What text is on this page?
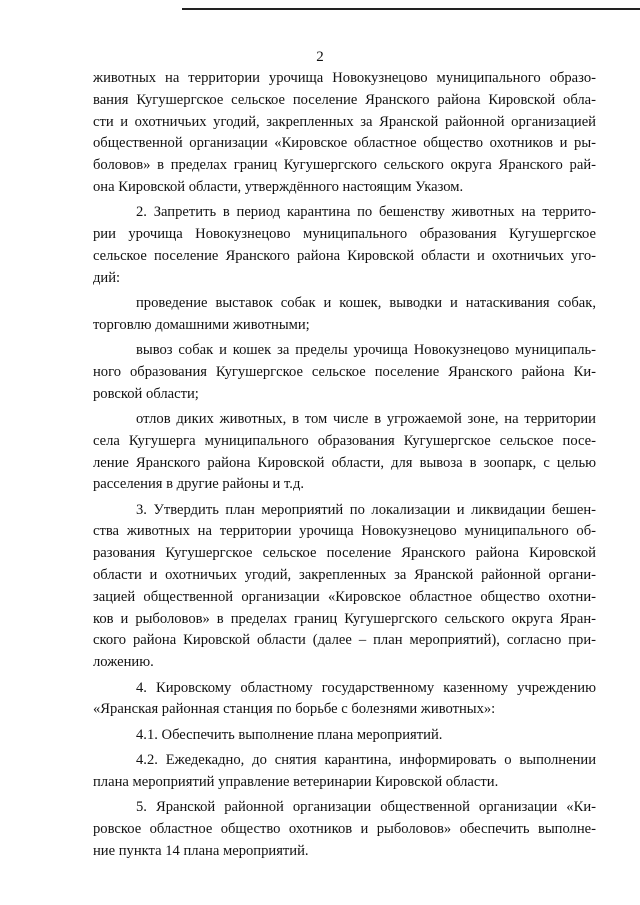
2
животных на территории урочища Новокузнецово муниципального образо-
вания Кугушергское сельское поселение Яранского района Кировской обла-
сти и охотничьих угодий, закрепленных за Яранской районной организацией
общественной организации «Кировское областное общество охотников и ры-
боловов» в пределах границ Кугушергского сельского округа Яранского рай-
она Кировской области, утверждённого настоящим Указом.
2. Запретить в период карантина по бешенству животных на террито-
рии урочища Новокузнецово муниципального образования Кугушергское
сельское поселение Яранского района Кировской области и охотничьих уго-
дий:
проведение выставок собак и кошек, выводки и натаскивания собак,
торговлю домашними животными;
вывоз собак и кошек за пределы урочища Новокузнецово муниципаль-
ного образования Кугушергское сельское поселение Яранского района Ки-
ровской области;
отлов диких животных, в том числе в угрожаемой зоне, на территории
села Кугушерга муниципального образования Кугушергское сельское посе-
ление Яранского района Кировской области, для вывоза в зоопарк, с целью
расселения в другие районы и т.д.
3. Утвердить план мероприятий по локализации и ликвидации бешен-
ства животных на территории урочища Новокузнецово муниципального об-
разования Кугушергское сельское поселение Яранского района Кировской
области и охотничьих угодий, закрепленных за Яранской районной органи-
зацией общественной организации «Кировское областное общество охотни-
ков и рыболовов» в пределах границ Кугушергского сельского округа Яран-
ского района Кировской области (далее – план мероприятий), согласно при-
ложению.
4. Кировскому областному государственному казенному учреждению
«Яранская районная станция по борьбе с болезнями животных»:
4.1. Обеспечить выполнение плана мероприятий.
4.2. Ежедекадно, до снятия карантина, информировать о выполнении
плана мероприятий управление ветеринарии Кировской области.
5. Яранской районной организации общественной организации «Ки-
ровское областное общество охотников и рыболовов» обеспечить выполне-
ние пункта 14 плана мероприятий.
